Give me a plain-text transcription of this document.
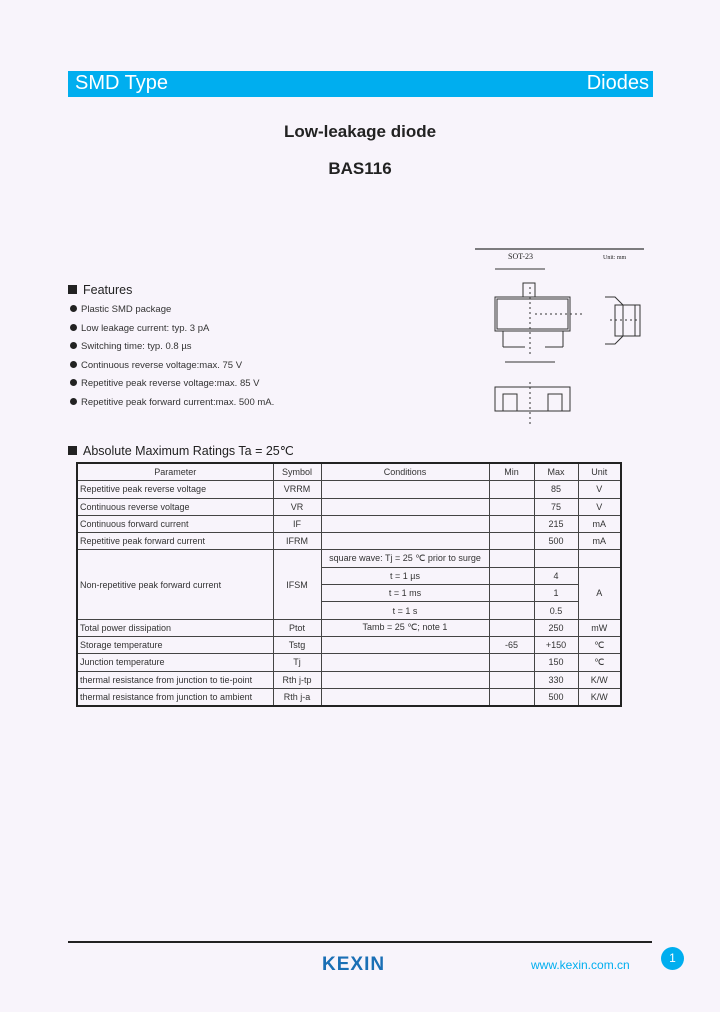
SMD Type	Diodes
Low-leakage diode
BAS116
SOT-23	Unit: mm
Features
Plastic SMD package
Low leakage current: typ. 3 pA
Switching time: typ. 0.8 µs
Continuous reverse voltage:max. 75 V
Repetitive peak reverse voltage:max. 85 V
Repetitive peak forward current:max. 500 mA.
Absolute Maximum Ratings Ta = 25℃
Parameter	Symbol	Conditions	Min	Max	Unit
Repetitive peak reverse voltage	VRRM			85	V
Continuous reverse voltage	VR			75	V
Continuous forward current	IF			215	mA
Repetitive peak forward current	IFRM			500	mA
Non-repetitive peak forward current	IFSM	square wave: Tj = 25 ℃ prior to surge			
		t = 1 µs		4	A
		t = 1 ms		1	
		t = 1 s		0.5	
Total power dissipation	Ptot	Tamb = 25 ℃; note 1		250	mW
Storage temperature	Tstg		-65	+150	℃
Junction temperature	Tj			150	℃
thermal resistance from junction to tie-point	Rth j-tp			330	K/W
thermal resistance from junction to ambient	Rth j-a			500	K/W
KEXIN	www.kexin.com.cn	1
